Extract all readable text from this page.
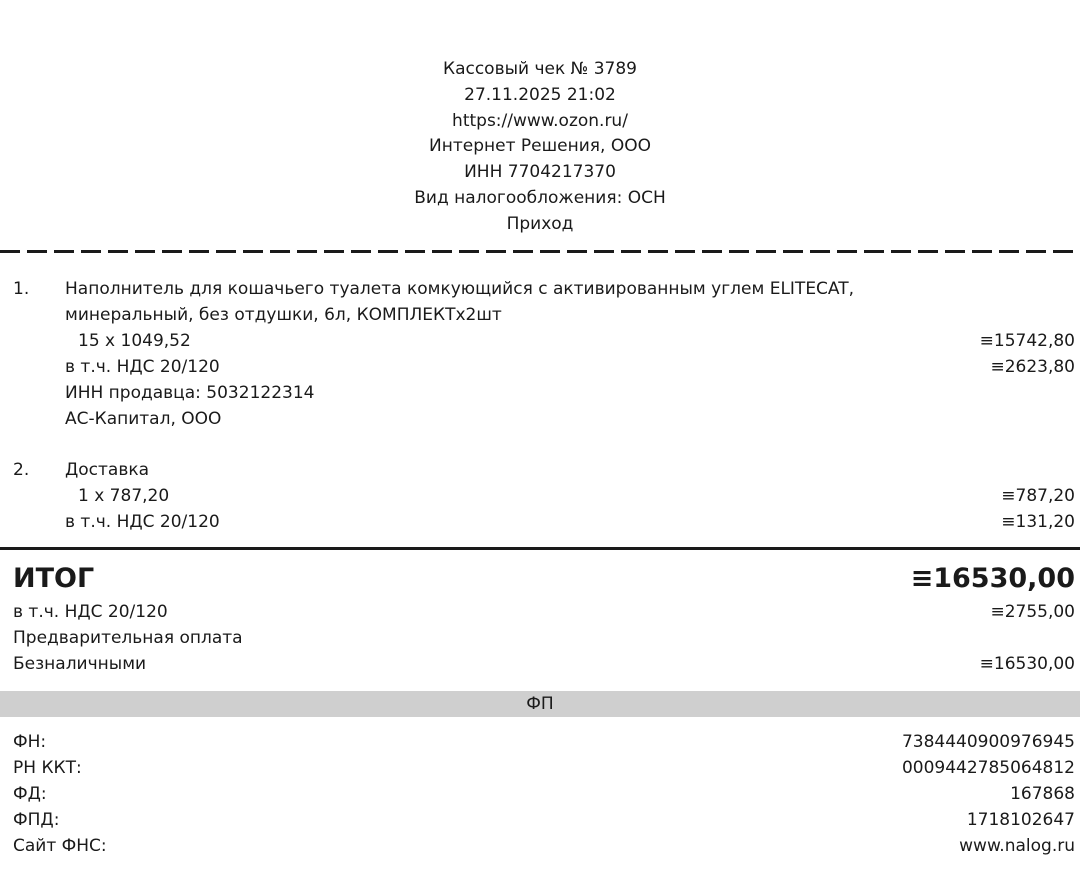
Кассовый чек № 3789
27.11.2025 21:02
https://www.ozon.ru/
Интернет Решения, ООО
ИНН 7704217370
Вид налогообложения: ОСН
Приход
1. Наполнитель для кошачьего туалета комкующийся с активированным углем ELITECAT,
минеральный, без отдушки, 6л, КОМПЛЕКТх2шт
15 x 1049,52	≡15742,80
в т.ч. НДС 20/120	≡2623,80
ИНН продавца: 5032122314
АС-Капитал, ООО
2. Доставка
1 x 787,20	≡787,20
в т.ч. НДС 20/120	≡131,20
ИТОГ	≡16530,00
в т.ч. НДС 20/120	≡2755,00
Предварительная оплата
Безналичными	≡16530,00
ФП
ФН:	7384440900976945
РН ККТ:	0009442785064812
ФД:	167868
ФПД:	1718102647
Сайт ФНС:	www.nalog.ru
